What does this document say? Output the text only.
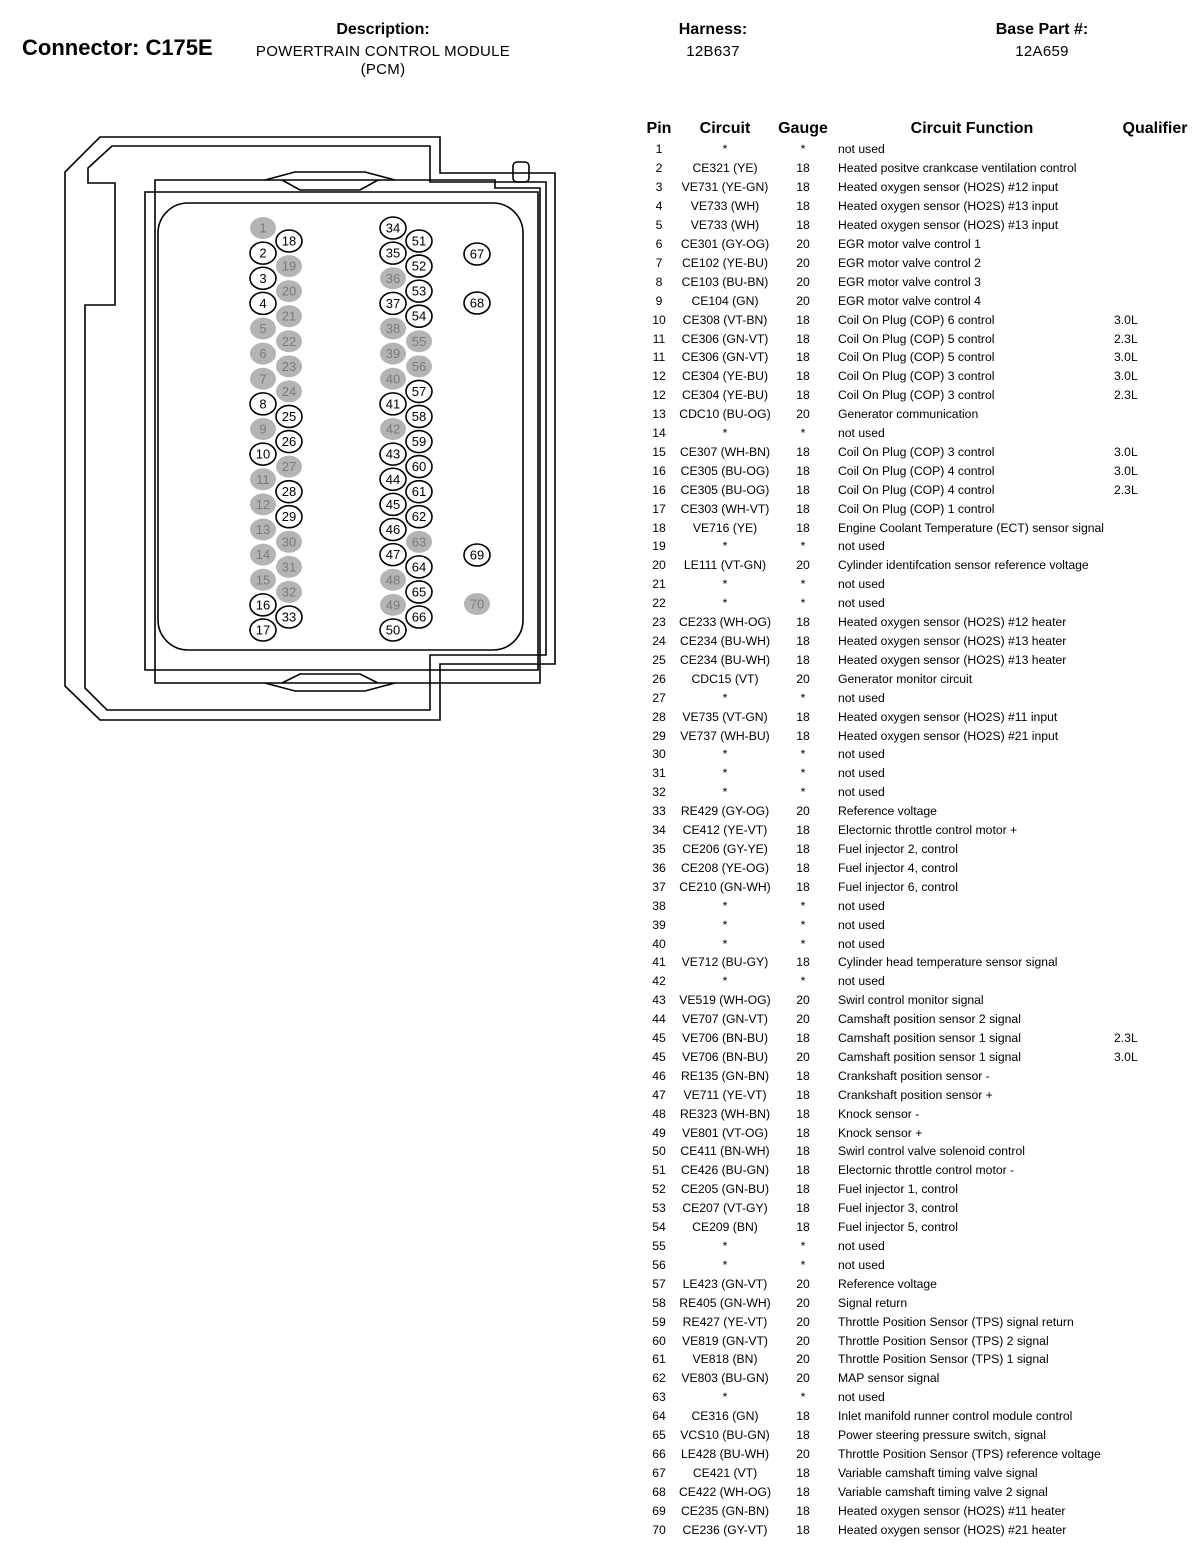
Connector: C175E
Description:
POWERTRAIN CONTROL MODULE
(PCM)
Harness:
12B637
Base Part #:
12A659
1
2
3
4
5
6
7
8
9
10
11
12
13
14
15
16
17
18
19
20
21
22
23
24
25
26
27
28
29
30
31
32
33
34
35
36
37
38
39
40
41
42
43
44
45
46
47
48
49
50
51
52
53
54
55
56
57
58
59
60
61
62
63
64
65
66
67
68
69
70
Pin	Circuit	Gauge	Circuit Function	Qualifier
1	*	*	not used	
2	CE321 (YE)	18	Heated positve crankcase ventilation control	
3	VE731 (YE-GN)	18	Heated oxygen sensor (HO2S) #12 input	
4	VE733 (WH)	18	Heated oxygen sensor (HO2S) #13 input	
5	VE733 (WH)	18	Heated oxygen sensor (HO2S) #13 input	
6	CE301 (GY-OG)	20	EGR motor valve control 1	
7	CE102 (YE-BU)	20	EGR motor valve control 2	
8	CE103 (BU-BN)	20	EGR motor valve control 3	
9	CE104 (GN)	20	EGR motor valve control 4	
10	CE308 (VT-BN)	18	Coil On Plug (COP) 6 control	3.0L
11	CE306 (GN-VT)	18	Coil On Plug (COP) 5 control	2.3L
11	CE306 (GN-VT)	18	Coil On Plug (COP) 5 control	3.0L
12	CE304 (YE-BU)	18	Coil On Plug (COP) 3 control	3.0L
12	CE304 (YE-BU)	18	Coil On Plug (COP) 3 control	2.3L
13	CDC10 (BU-OG)	20	Generator communication	
14	*	*	not used	
15	CE307 (WH-BN)	18	Coil On Plug (COP) 3 control	3.0L
16	CE305 (BU-OG)	18	Coil On Plug (COP) 4 control	3.0L
16	CE305 (BU-OG)	18	Coil On Plug (COP) 4 control	2.3L
17	CE303 (WH-VT)	18	Coil On Plug (COP) 1 control	
18	VE716 (YE)	18	Engine Coolant Temperature (ECT) sensor signal	
19	*	*	not used	
20	LE111 (VT-GN)	20	Cylinder identifcation sensor reference voltage	
21	*	*	not used	
22	*	*	not used	
23	CE233 (WH-OG)	18	Heated oxygen sensor (HO2S) #12 heater	
24	CE234 (BU-WH)	18	Heated oxygen sensor (HO2S) #13 heater	
25	CE234 (BU-WH)	18	Heated oxygen sensor (HO2S) #13 heater	
26	CDC15 (VT)	20	Generator monitor circuit	
27	*	*	not used	
28	VE735 (VT-GN)	18	Heated oxygen sensor (HO2S) #11 input	
29	VE737 (WH-BU)	18	Heated oxygen sensor (HO2S) #21 input	
30	*	*	not used	
31	*	*	not used	
32	*	*	not used	
33	RE429 (GY-OG)	20	Reference voltage	
34	CE412 (YE-VT)	18	Electornic throttle control motor +	
35	CE206 (GY-YE)	18	Fuel injector 2, control	
36	CE208 (YE-OG)	18	Fuel injector 4, control	
37	CE210 (GN-WH)	18	Fuel injector 6, control	
38	*	*	not used	
39	*	*	not used	
40	*	*	not used	
41	VE712 (BU-GY)	18	Cylinder head temperature sensor signal	
42	*	*	not used	
43	VE519 (WH-OG)	20	Swirl control monitor signal	
44	VE707 (GN-VT)	20	Camshaft position sensor 2 signal	
45	VE706 (BN-BU)	18	Camshaft position sensor 1 signal	2.3L
45	VE706 (BN-BU)	20	Camshaft position sensor 1 signal	3.0L
46	RE135 (GN-BN)	18	Crankshaft position sensor -	
47	VE711 (YE-VT)	18	Crankshaft position sensor +	
48	RE323 (WH-BN)	18	Knock sensor -	
49	VE801 (VT-OG)	18	Knock sensor +	
50	CE411 (BN-WH)	18	Swirl control valve solenoid control	
51	CE426 (BU-GN)	18	Electornic throttle control motor -	
52	CE205 (GN-BU)	18	Fuel injector 1, control	
53	CE207 (VT-GY)	18	Fuel injector 3, control	
54	CE209 (BN)	18	Fuel injector 5, control	
55	*	*	not used	
56	*	*	not used	
57	LE423 (GN-VT)	20	Reference voltage	
58	RE405 (GN-WH)	20	Signal return	
59	RE427 (YE-VT)	20	Throttle Position Sensor (TPS) signal return	
60	VE819 (GN-VT)	20	Throttle Position Sensor (TPS) 2 signal	
61	VE818 (BN)	20	Throttle Position Sensor (TPS) 1 signal	
62	VE803 (BU-GN)	20	MAP sensor signal	
63	*	*	not used	
64	CE316 (GN)	18	Inlet manifold runner control module control	
65	VCS10 (BU-GN)	18	Power steering pressure switch, signal	
66	LE428 (BU-WH)	20	Throttle Position Sensor (TPS) reference voltage	
67	CE421 (VT)	18	Variable camshaft timing valve signal	
68	CE422 (WH-OG)	18	Variable camshaft timing valve 2 signal	
69	CE235 (GN-BN)	18	Heated oxygen sensor (HO2S) #11 heater	
70	CE236 (GY-VT)	18	Heated oxygen sensor (HO2S) #21 heater	
